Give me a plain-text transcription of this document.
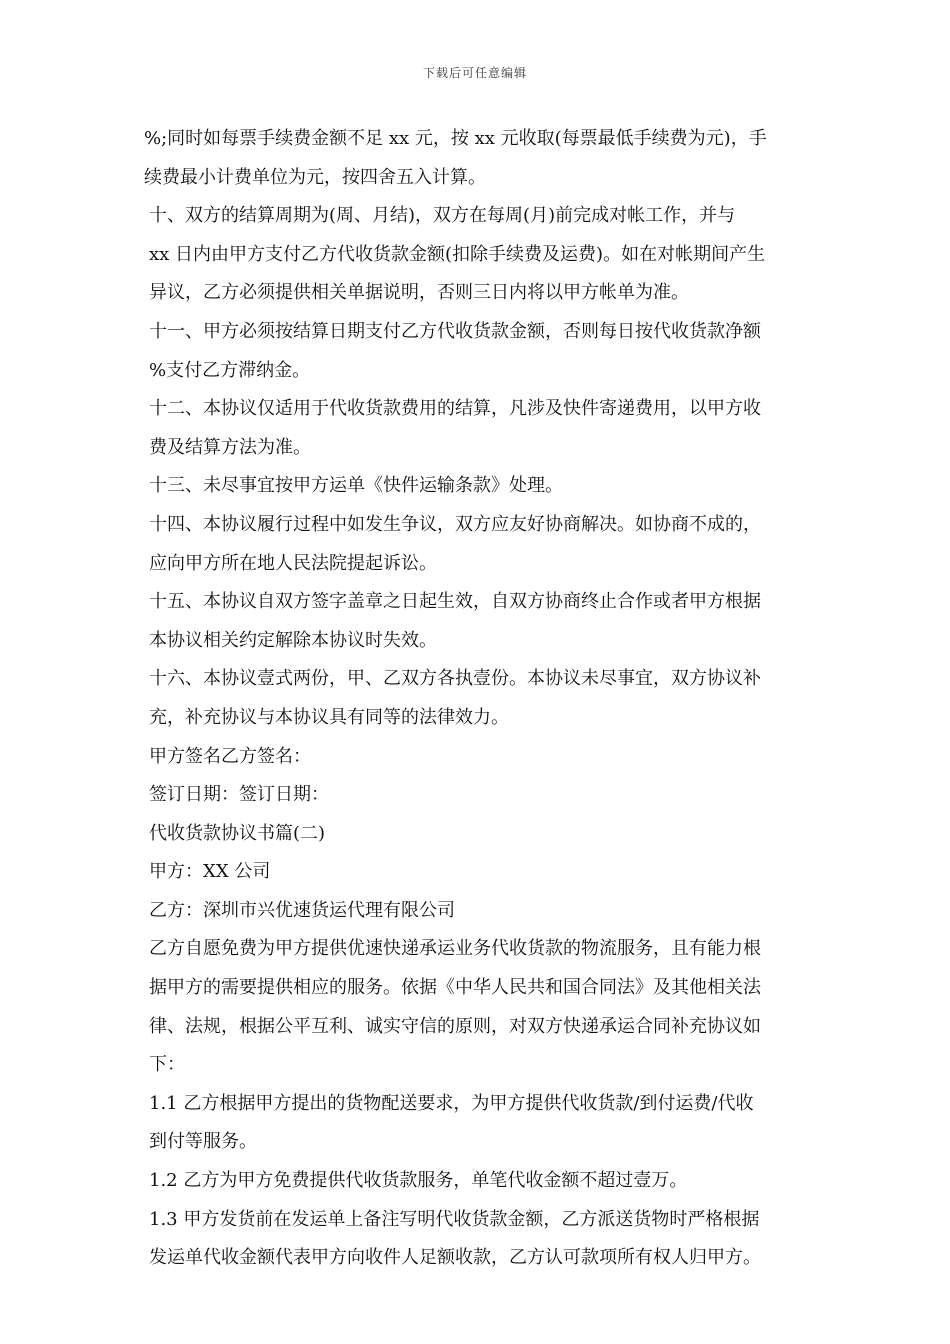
下载后可任意编辑

%;同时如每票手续费金额不足 xx 元，按 xx 元收取(每票最低手续费为元)，手
续费最小计费单位为元，按四舍五入计算。

十、双方的结算周期为(周、月结)，双方在每周(月)前完成对帐工作，并与
xx 日内由甲方支付乙方代收货款金额(扣除手续费及运费)。如在对帐期间产生
异议，乙方必须提供相关单据说明，否则三日内将以甲方帐单为准。

十一、甲方必须按结算日期支付乙方代收货款金额，否则每日按代收货款净额
%支付乙方滞纳金。

十二、本协议仅适用于代收货款费用的结算，凡涉及快件寄递费用，以甲方收
费及结算方法为准。

十三、未尽事宜按甲方运单《快件运输条款》处理。

十四、本协议履行过程中如发生争议，双方应友好协商解决。如协商不成的，
应向甲方所在地人民法院提起诉讼。

十五、本协议自双方签字盖章之日起生效，自双方协商终止合作或者甲方根据
本协议相关约定解除本协议时失效。

十六、本协议壹式两份，甲、乙双方各执壹份。本协议未尽事宜，双方协议补
充，补充协议与本协议具有同等的法律效力。

甲方签名乙方签名：

签订日期：签订日期：

代收货款协议书篇(二)

甲方：XX 公司

乙方：深圳市兴优速货运代理有限公司

乙方自愿免费为甲方提供优速快递承运业务代收货款的物流服务，且有能力根
据甲方的需要提供相应的服务。依据《中华人民共和国合同法》及其他相关法
律、法规，根据公平互利、诚实守信的原则，对双方快递承运合同补充协议如
下：

1.1 乙方根据甲方提出的货物配送要求，为甲方提供代收货款/到付运费/代收
到付等服务。

1.2 乙方为甲方免费提供代收货款服务，单笔代收金额不超过壹万。

1.3 甲方发货前在发运单上备注写明代收货款金额，乙方派送货物时严格根据
发运单代收金额代表甲方向收件人足额收款，乙方认可款项所有权人归甲方。
